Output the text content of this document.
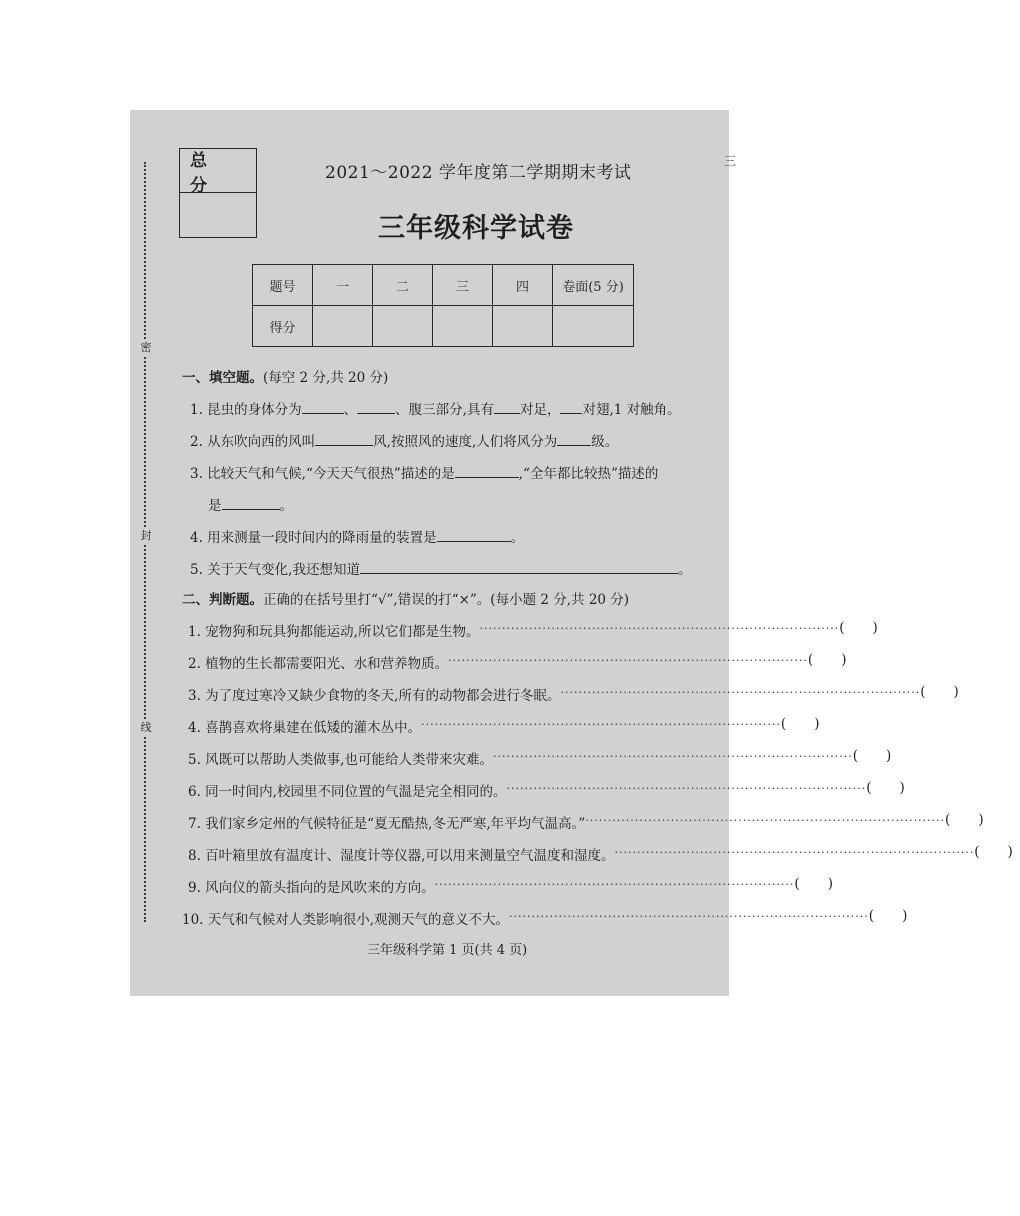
密
封
线
三
总 分
2021～2022 学年度第二学期期末考试
三年级科学试卷
题号	一	二	三	四	卷面(5 分)
得分					
一、填空题。(每空 2 分,共 20 分)
1. 昆虫的身体分为	、	、腹三部分,具有 对足， 对翅,1 对触角。
2. 从东吹向西的风叫	风,按照风的速度,人们将风分为	级。
3. 比较天气和气候,“今天天气很热”描述的是	,“全年都比较热”描述的
是	。
4. 用来测量一段时间内的降雨量的装置是	。
5. 关于天气变化,我还想知道	。
二、判断题。正确的在括号里打“√”,错误的打“×”。(每小题 2 分,共 20 分)
1. 宠物狗和玩具狗都能运动,所以它们都是生物。 ················································································ ( )
2. 植物的生长都需要阳光、水和营养物质。 ················································································ ( )
3. 为了度过寒冷又缺少食物的冬天,所有的动物都会进行冬眠。 ················································································ ( )
4. 喜鹊喜欢将巢建在低矮的灌木丛中。 ················································································ ( )
5. 风既可以帮助人类做事,也可能给人类带来灾难。 ················································································ ( )
6. 同一时间内,校园里不同位置的气温是完全相同的。 ················································································ ( )
7. 我们家乡定州的气候特征是“夏无酷热,冬无严寒,年平均气温高。” ················································································ ( )
8. 百叶箱里放有温度计、湿度计等仪器,可以用来测量空气温度和湿度。 ················································································ ( )
9. 风向仪的箭头指向的是风吹来的方向。 ················································································ ( )
10. 天气和气候对人类影响很小,观测天气的意义不大。 ················································································ ( )
三年级科学第 1 页(共 4 页)
